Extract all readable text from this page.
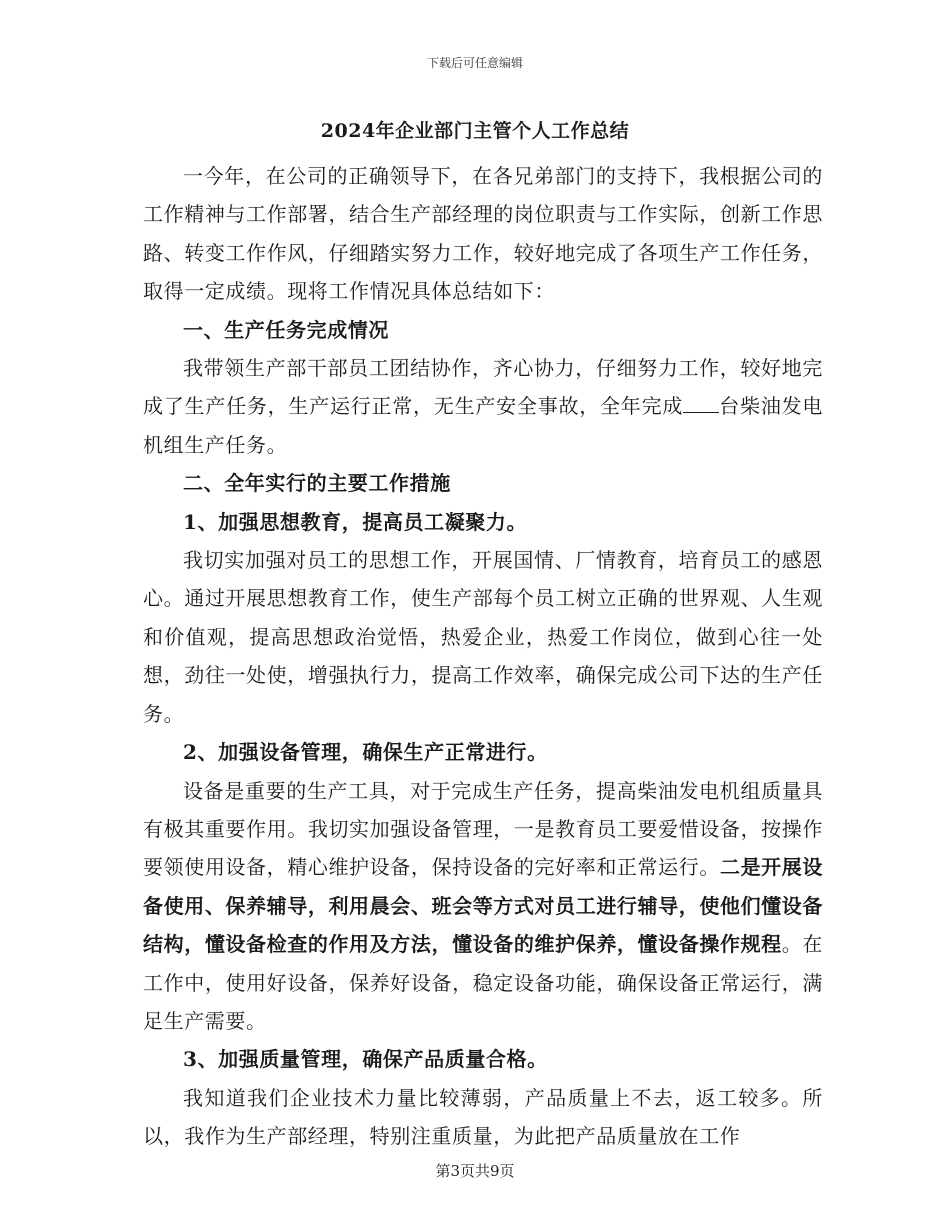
下载后可任意编辑
2024年企业部门主管个人工作总结

一今年，在公司的正确领导下，在各兄弟部门的支持下，我根据公司的工作精神与工作部署，结合生产部经理的岗位职责与工作实际，创新工作思路、转变工作作风，仔细踏实努力工作，较好地完成了各项生产工作任务，取得一定成绩。现将工作情况具体总结如下：

一、生产任务完成情况

我带领生产部干部员工团结协作，齐心协力，仔细努力工作，较好地完成了生产任务，生产运行正常，无生产安全事故，全年完成 台柴油发电机组生产任务。

二、全年实行的主要工作措施

1、加强思想教育，提高员工凝聚力。

我切实加强对员工的思想工作，开展国情、厂情教育，培育员工的感恩心。通过开展思想教育工作，使生产部每个员工树立正确的世界观、人生观和价值观，提高思想政治觉悟，热爱企业，热爱工作岗位，做到心往一处想，劲往一处使，增强执行力，提高工作效率，确保完成公司下达的生产任务。

2、加强设备管理，确保生产正常进行。

设备是重要的生产工具，对于完成生产任务，提高柴油发电机组质量具有极其重要作用。我切实加强设备管理，一是教育员工要爱惜设备，按操作要领使用设备，精心维护设备，保持设备的完好率和正常运行。二是开展设备使用、保养辅导，利用晨会、班会等方式对员工进行辅导，使他们懂设备结构，懂设备检查的作用及方法，懂设备的维护保养，懂设备操作规程。在工作中，使用好设备，保养好设备，稳定设备功能，确保设备正常运行，满足生产需要。

3、加强质量管理，确保产品质量合格。

我知道我们企业技术力量比较薄弱，产品质量上不去，返工较多。所以，我作为生产部经理，特别注重质量，为此把产品质量放在工作

第3页共9页
